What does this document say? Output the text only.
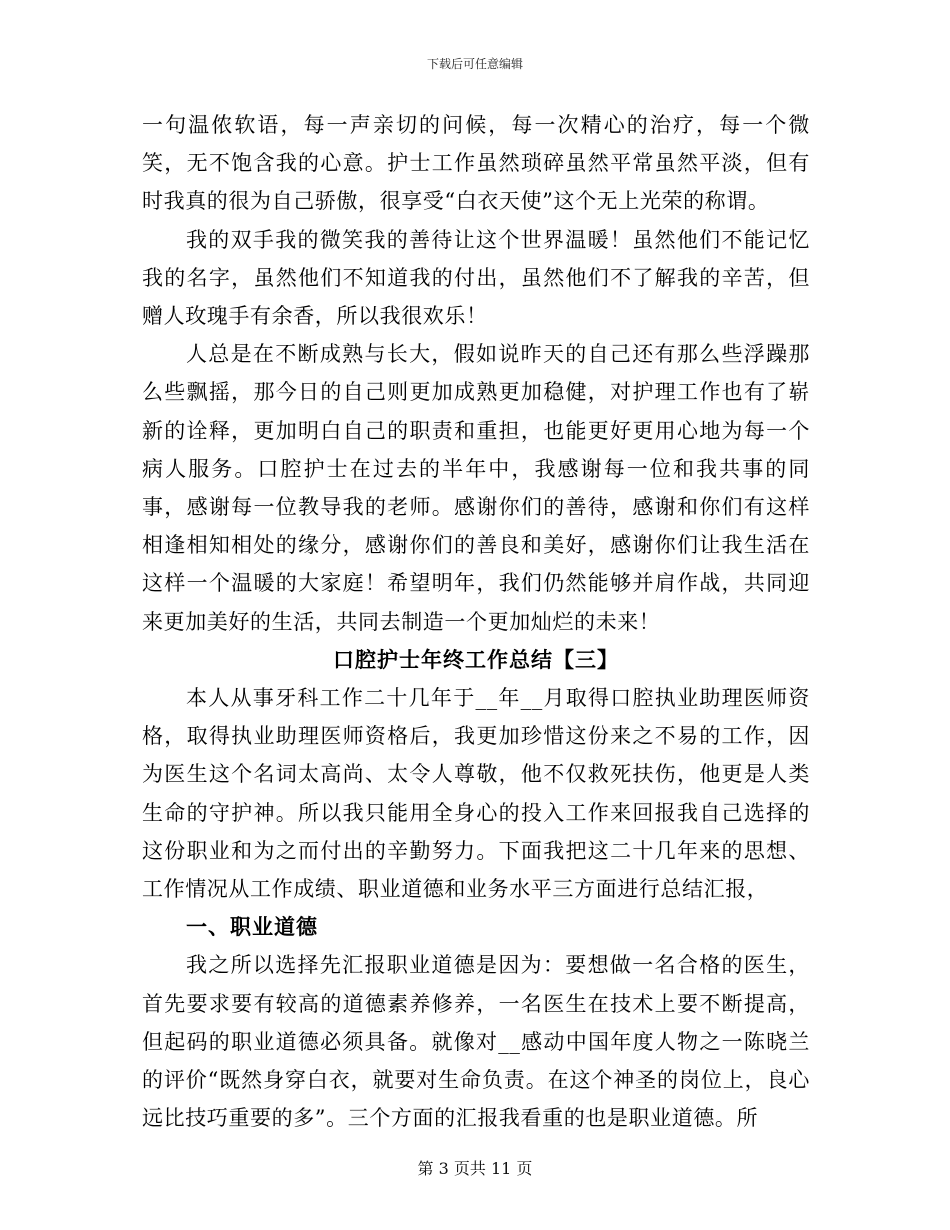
下载后可任意编辑

一句温侬软语，每一声亲切的问候，每一次精心的治疗，每一个微笑，无不饱含我的心意。护士工作虽然琐碎虽然平常虽然平淡，但有时我真的很为自己骄傲，很享受“白衣天使”这个无上光荣的称谓。

我的双手我的微笑我的善待让这个世界温暖！虽然他们不能记忆我的名字，虽然他们不知道我的付出，虽然他们不了解我的辛苦，但赠人玫瑰手有余香，所以我很欢乐！

人总是在不断成熟与长大，假如说昨天的自己还有那么些浮躁那么些飘摇，那今日的自己则更加成熟更加稳健，对护理工作也有了崭新的诠释，更加明白自己的职责和重担，也能更好更用心地为每一个病人服务。口腔护士在过去的半年中，我感谢每一位和我共事的同事，感谢每一位教导我的老师。感谢你们的善待，感谢和你们有这样相逢相知相处的缘分，感谢你们的善良和美好，感谢你们让我生活在这样一个温暖的大家庭！希望明年，我们仍然能够并肩作战，共同迎来更加美好的生活，共同去制造一个更加灿烂的未来！

口腔护士年终工作总结【三】

本人从事牙科工作二十几年于__年__月取得口腔执业助理医师资格，取得执业助理医师资格后，我更加珍惜这份来之不易的工作，因为医生这个名词太高尚、太令人尊敬，他不仅救死扶伤，他更是人类生命的守护神。所以我只能用全身心的投入工作来回报我自己选择的这份职业和为之而付出的辛勤努力。下面我把这二十几年来的思想、工作情况从工作成绩、职业道德和业务水平三方面进行总结汇报，

一、职业道德

我之所以选择先汇报职业道德是因为：要想做一名合格的医生，首先要求要有较高的道德素养修养，一名医生在技术上要不断提高，但起码的职业道德必须具备。就像对__感动中国年度人物之一陈晓兰的评价“既然身穿白衣，就要对生命负责。在这个神圣的岗位上，良心远比技巧重要的多”。三个方面的汇报我看重的也是职业道德。所

第 3 页共 11 页
